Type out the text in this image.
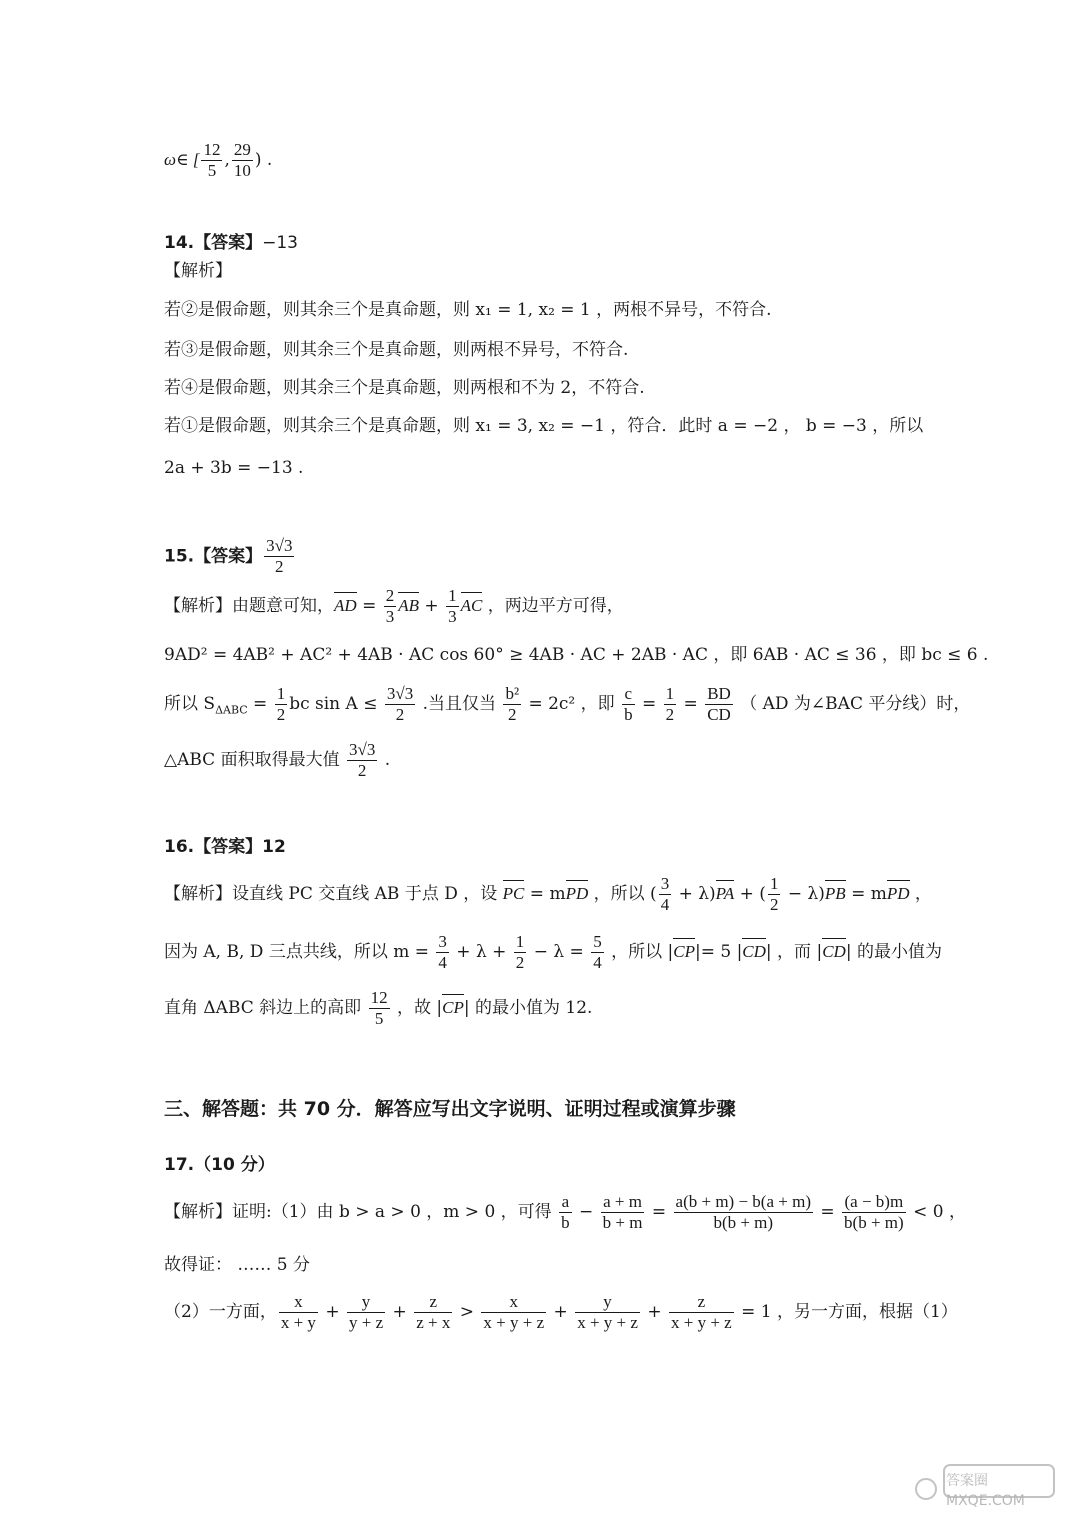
ω∈ [ $\frac{12}{5}$ , $\frac{29}{10}$ ) .
14.【答案】−13
【解析】
若②是假命题，则其余三个是真命题，则 x₁ = 1, x₂ = 1 ，两根不异号，不符合.
若③是假命题，则其余三个是真命题，则两根不异号，不符合.
若④是假命题，则其余三个是真命题，则两根和不为 2，不符合.
若①是假命题，则其余三个是真命题，则 x₁ = 3, x₂ = −1 ，符合．此时 a = −2 ， b = −3 ，所以
2a + 3b = −13 .
15.【答案】 $\frac{3√3}{2}$
【解析】由题意可知，AD = $\frac{2}{3}$ AB + $\frac{1}{3}$ AC ，两边平方可得，
9AD² = 4AB² + AC² + 4AB · AC cos 60° ≥ 4AB · AC + 2AB · AC ，即 6AB · AC ≤ 36 ，即 bc ≤ 6 .
所以 $S_{\Delta ABC} = \frac{1}{2}$ bc $\sin A \le \frac{3√3}{2}$ .当且仅当 $\frac{\text{b²}}{2} = 2c^2$ ，即 $\frac{c}{b} = \frac{1}{2} = \frac{BD}{CD}$ （ AD 为∠BAC 平分线）时，
△ABC 面积取得最大值 $\frac{3√3}{2}$ .
16.【答案】12
【解析】设直线 PC 交直线 AB 于点 D ，设 PC = mPD ，所以 ( $\frac{3}{4} + \lambda)PA$ + ( $\frac{1}{2} - \lambda)PB$ = mPD ，
因为 A, B, D 三点共线，所以 $m = \frac{3}{4} + \lambda + \frac{1}{2} - \lambda = \frac{5}{4}$ ，所以 |CP|= 5 |CD| ，而 |CD| 的最小值为
直角 ΔABC 斜边上的高即 $\frac{12}{5}$ ，故 |CP| 的最小值为 12.
三、解答题：共 70 分．解答应写出文字说明、证明过程或演算步骤
17.（10 分）
【解析】证明:（1）由 b > a > 0 ，m > 0 ，可得 $\frac{a}{b} - \frac{a + m}{b + m} = \frac{a(b + m) - b(a + m)}{b(b + m)} = \frac{(a - b)m}{b(b + m)} < 0$ ，
故得证： …… 5 分
（2）一方面， $\frac{x}{x + y} + \frac{y}{y + z} + \frac{z}{z + x} > \frac{x}{x + y + z} + \frac{y}{x + y + z} + \frac{z}{x + y + z} = 1$ ，另一方面，根据（1）
答案圈 MXQE.COM
